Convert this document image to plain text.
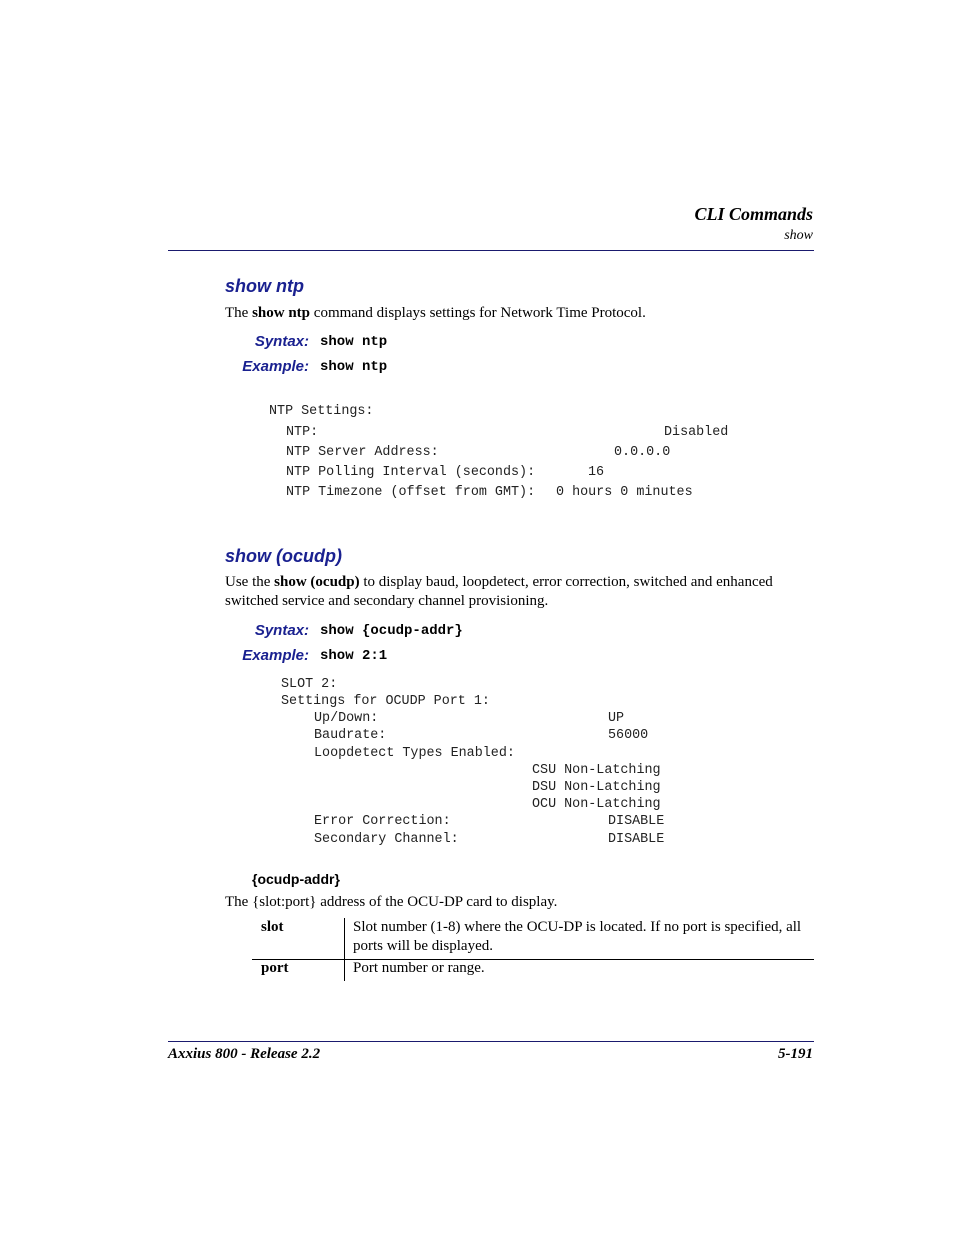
CLI Commands
show
show ntp
The show ntp command displays settings for Network Time Protocol.
Syntax: show ntp
Example: show ntp
NTP Settings:
NTP:	Disabled
NTP Server Address:	0.0.0.0
NTP Polling Interval (seconds):	16
NTP Timezone (offset from GMT): 0 hours 0 minutes
show (ocudp)
Use the show (ocudp) to display baud, loopdetect, error correction, switched and enhanced switched service and secondary channel provisioning.
Syntax: show {ocudp-addr}
Example: show 2:1
SLOT 2:
Settings for OCUDP Port 1:
Up/Down:	UP
Baudrate:	56000
Loopdetect Types Enabled:
CSU Non-Latching
DSU Non-Latching
OCU Non-Latching
Error Correction:	DISABLE
Secondary Channel:	DISABLE
{ocudp-addr}
The {slot:port} address of the OCU-DP card to display.
slot	Slot number (1-8) where the OCU-DP is located. If no port is specified, all ports will be displayed.
port	Port number or range.
Axxius 800 - Release 2.2	5-191
